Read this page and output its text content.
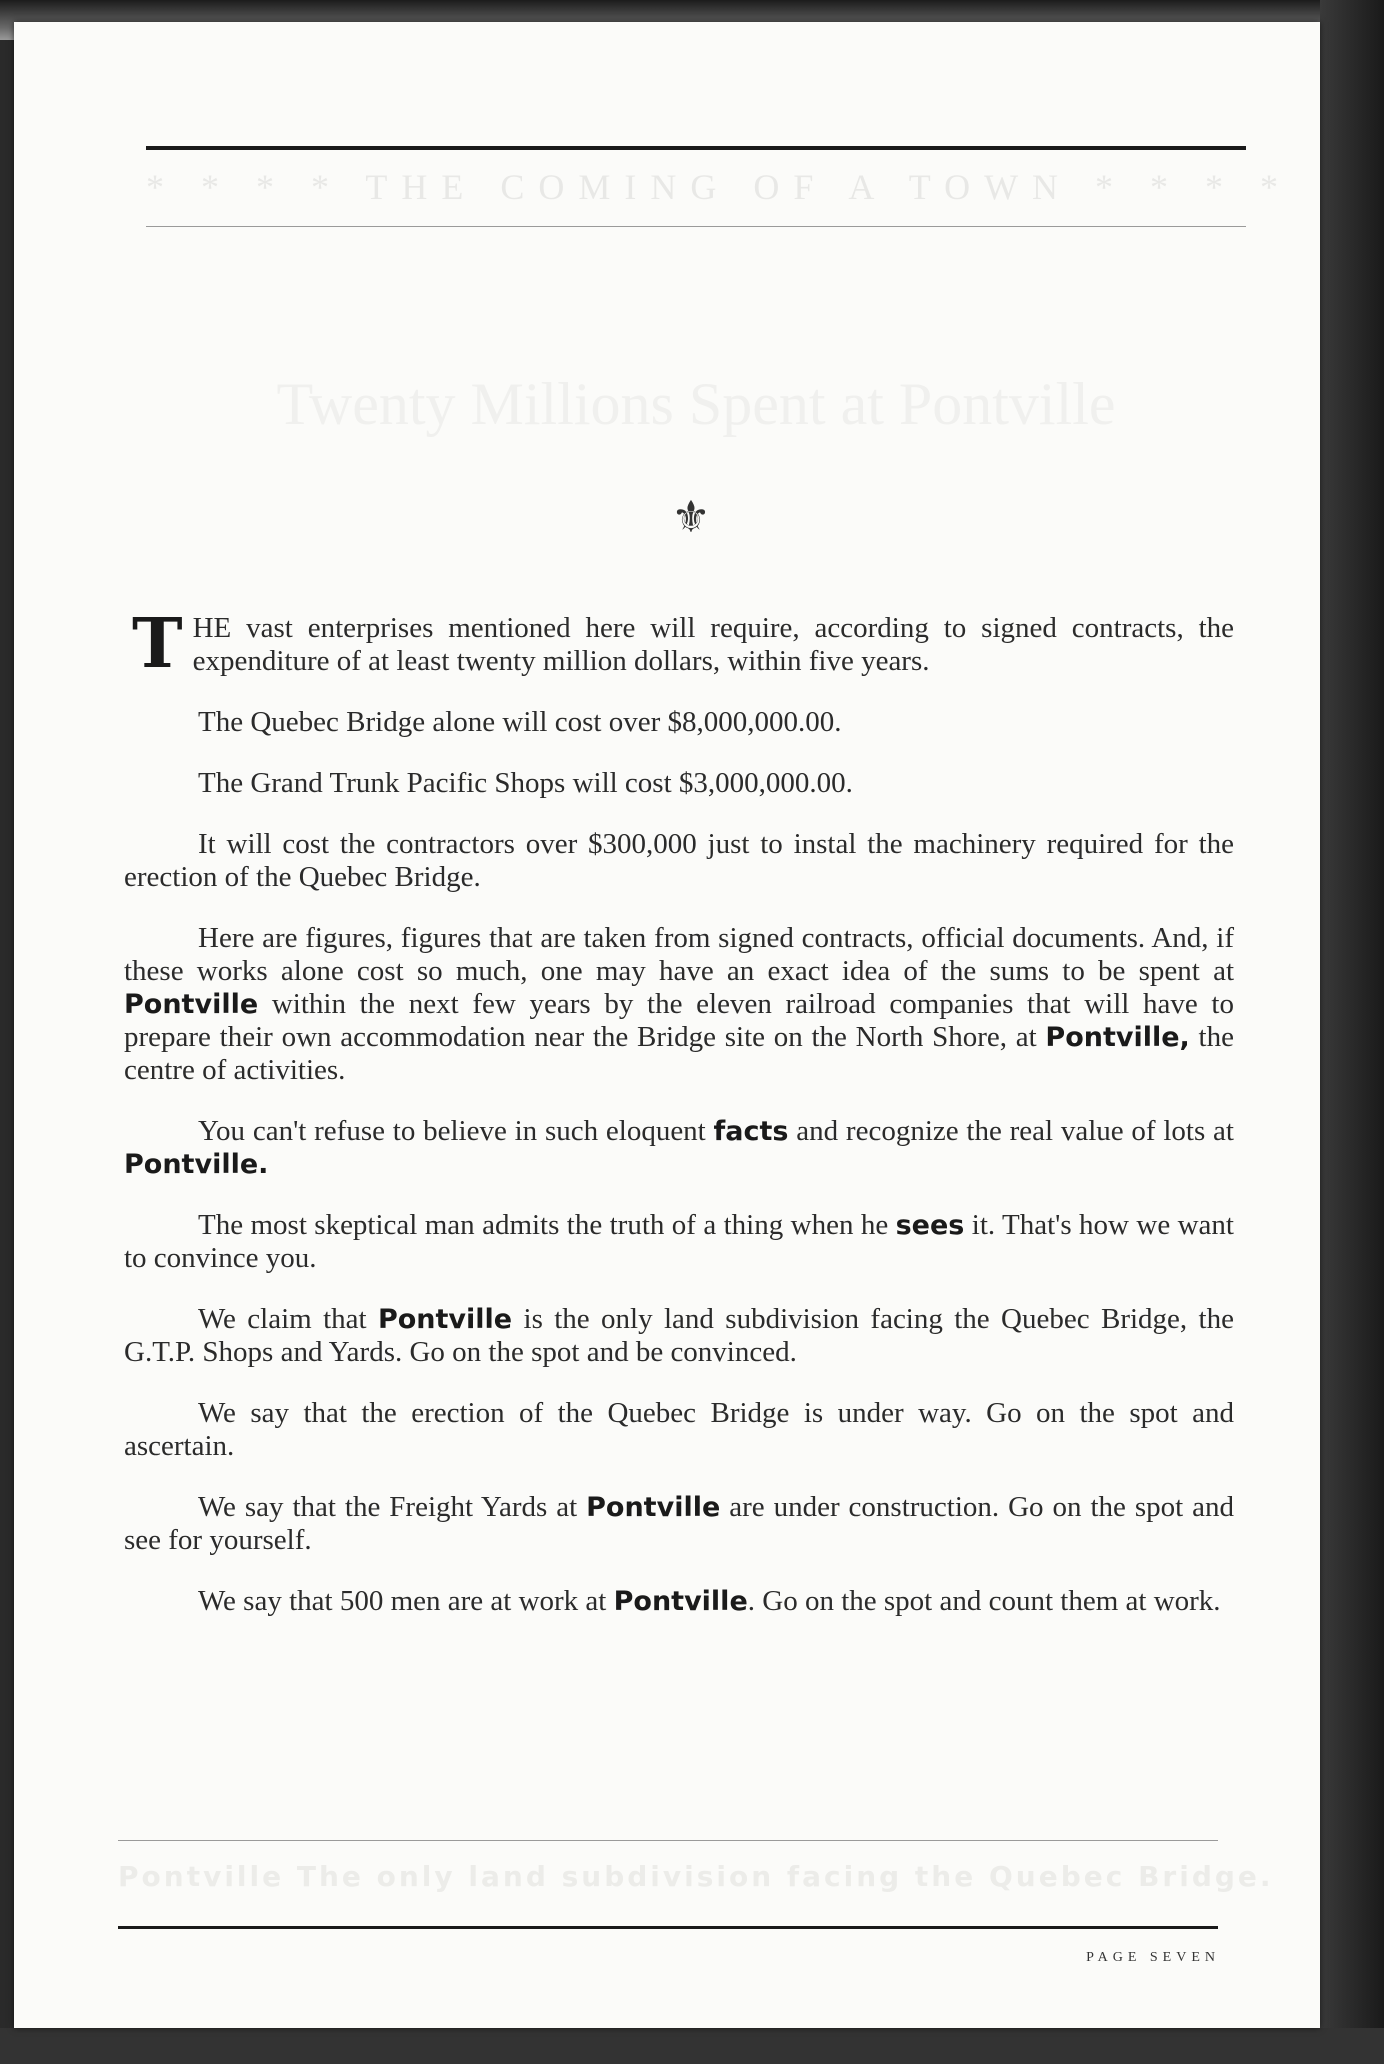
* * * * THE COMING OF A TOWN * * * *
Twenty Millions Spent at Pontville
⚜

THE vast enterprises mentioned here will require, according to signed contracts, the expenditure of at least twenty million dollars, within five years.

The Quebec Bridge alone will cost over $8,000,000.00.

The Grand Trunk Pacific Shops will cost $3,000,000.00.

It will cost the contractors over $300,000 just to instal the machinery required for the erection of the Quebec Bridge.

Here are figures, figures that are taken from signed contracts, official documents. And, if these works alone cost so much, one may have an exact idea of the sums to be spent at Pontville within the next few years by the eleven railroad companies that will have to prepare their own accommodation near the Bridge site on the North Shore, at Pontville, the centre of activities.

You can't refuse to believe in such eloquent facts and recognize the real value of lots at Pontville.

The most skeptical man admits the truth of a thing when he sees it. That's how we want to convince you.

We claim that Pontville is the only land subdivision facing the Quebec Bridge, the G.T.P. Shops and Yards. Go on the spot and be convinced.

We say that the erection of the Quebec Bridge is under way. Go on the spot and ascertain.

We say that the Freight Yards at Pontville are under construction. Go on the spot and see for yourself.

We say that 500 men are at work at Pontville. Go on the spot and count them at work.

Pontville The only land subdivision facing the Quebec Bridge.
PAGE SEVEN
